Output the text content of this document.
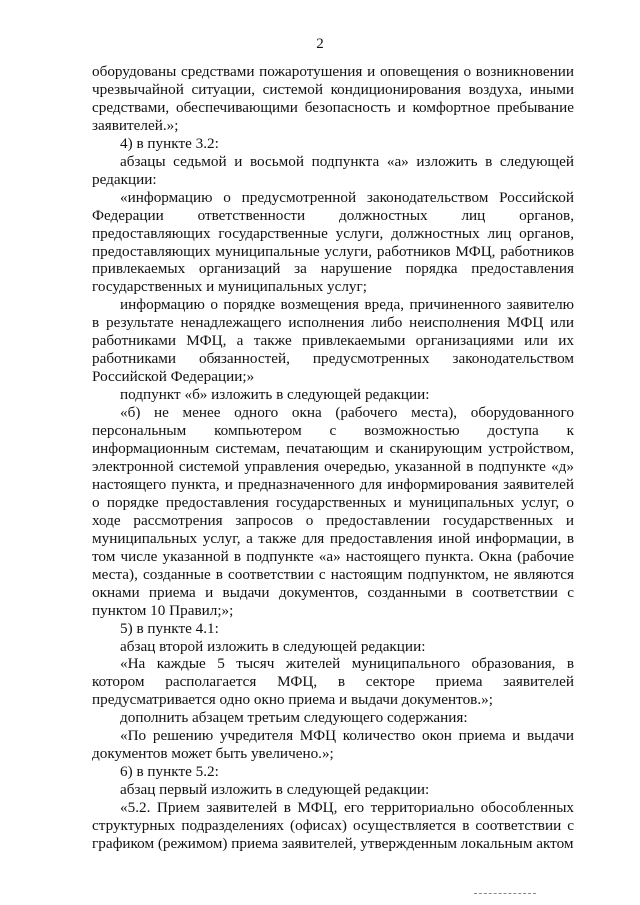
2

оборудованы средствами пожаротушения и оповещения о возникновении чрезвычайной ситуации, системой кондиционирования воздуха, иными средствами, обеспечивающими безопасность и комфортное пребывание заявителей.»;

4) в пункте 3.2:

абзацы седьмой и восьмой подпункта «а» изложить в следующей редакции:

«информацию о предусмотренной законодательством Российской Федерации ответственности должностных лиц органов, предоставляющих государственные услуги, должностных лиц органов, предоставляющих муниципальные услуги, работников МФЦ, работников привлекаемых организаций за нарушение порядка предоставления государственных и муниципальных услуг;

информацию о порядке возмещения вреда, причиненного заявителю в результате ненадлежащего исполнения либо неисполнения МФЦ или работниками МФЦ, а также привлекаемыми организациями или их работниками обязанностей, предусмотренных законодательством Российской Федерации;»

подпункт «б» изложить в следующей редакции:

«б) не менее одного окна (рабочего места), оборудованного персональным компьютером с возможностью доступа к информационным системам, печатающим и сканирующим устройством, электронной системой управления очередью, указанной в подпункте «д» настоящего пункта, и предназначенного для информирования заявителей о порядке предоставления государственных и муниципальных услуг, о ходе рассмотрения запросов о предоставлении государственных и муниципальных услуг, а также для предоставления иной информации, в том числе указанной в подпункте «а» настоящего пункта. Окна (рабочие места), созданные в соответствии с настоящим подпунктом, не являются окнами приема и выдачи документов, созданными в соответствии с пунктом 10 Правил;»;

5) в пункте 4.1:

абзац второй изложить в следующей редакции:

«На каждые 5 тысяч жителей муниципального образования, в котором располагается МФЦ, в секторе приема заявителей предусматривается одно окно приема и выдачи документов.»;

дополнить абзацем третьим следующего содержания:

«По решению учредителя МФЦ количество окон приема и выдачи документов может быть увеличено.»;

6) в пункте 5.2:

абзац первый изложить в следующей редакции:

«5.2. Прием заявителей в МФЦ, его территориально обособленных структурных подразделениях (офисах) осуществляется в соответствии с графиком (режимом) приема заявителей, утвержденным локальным актом
